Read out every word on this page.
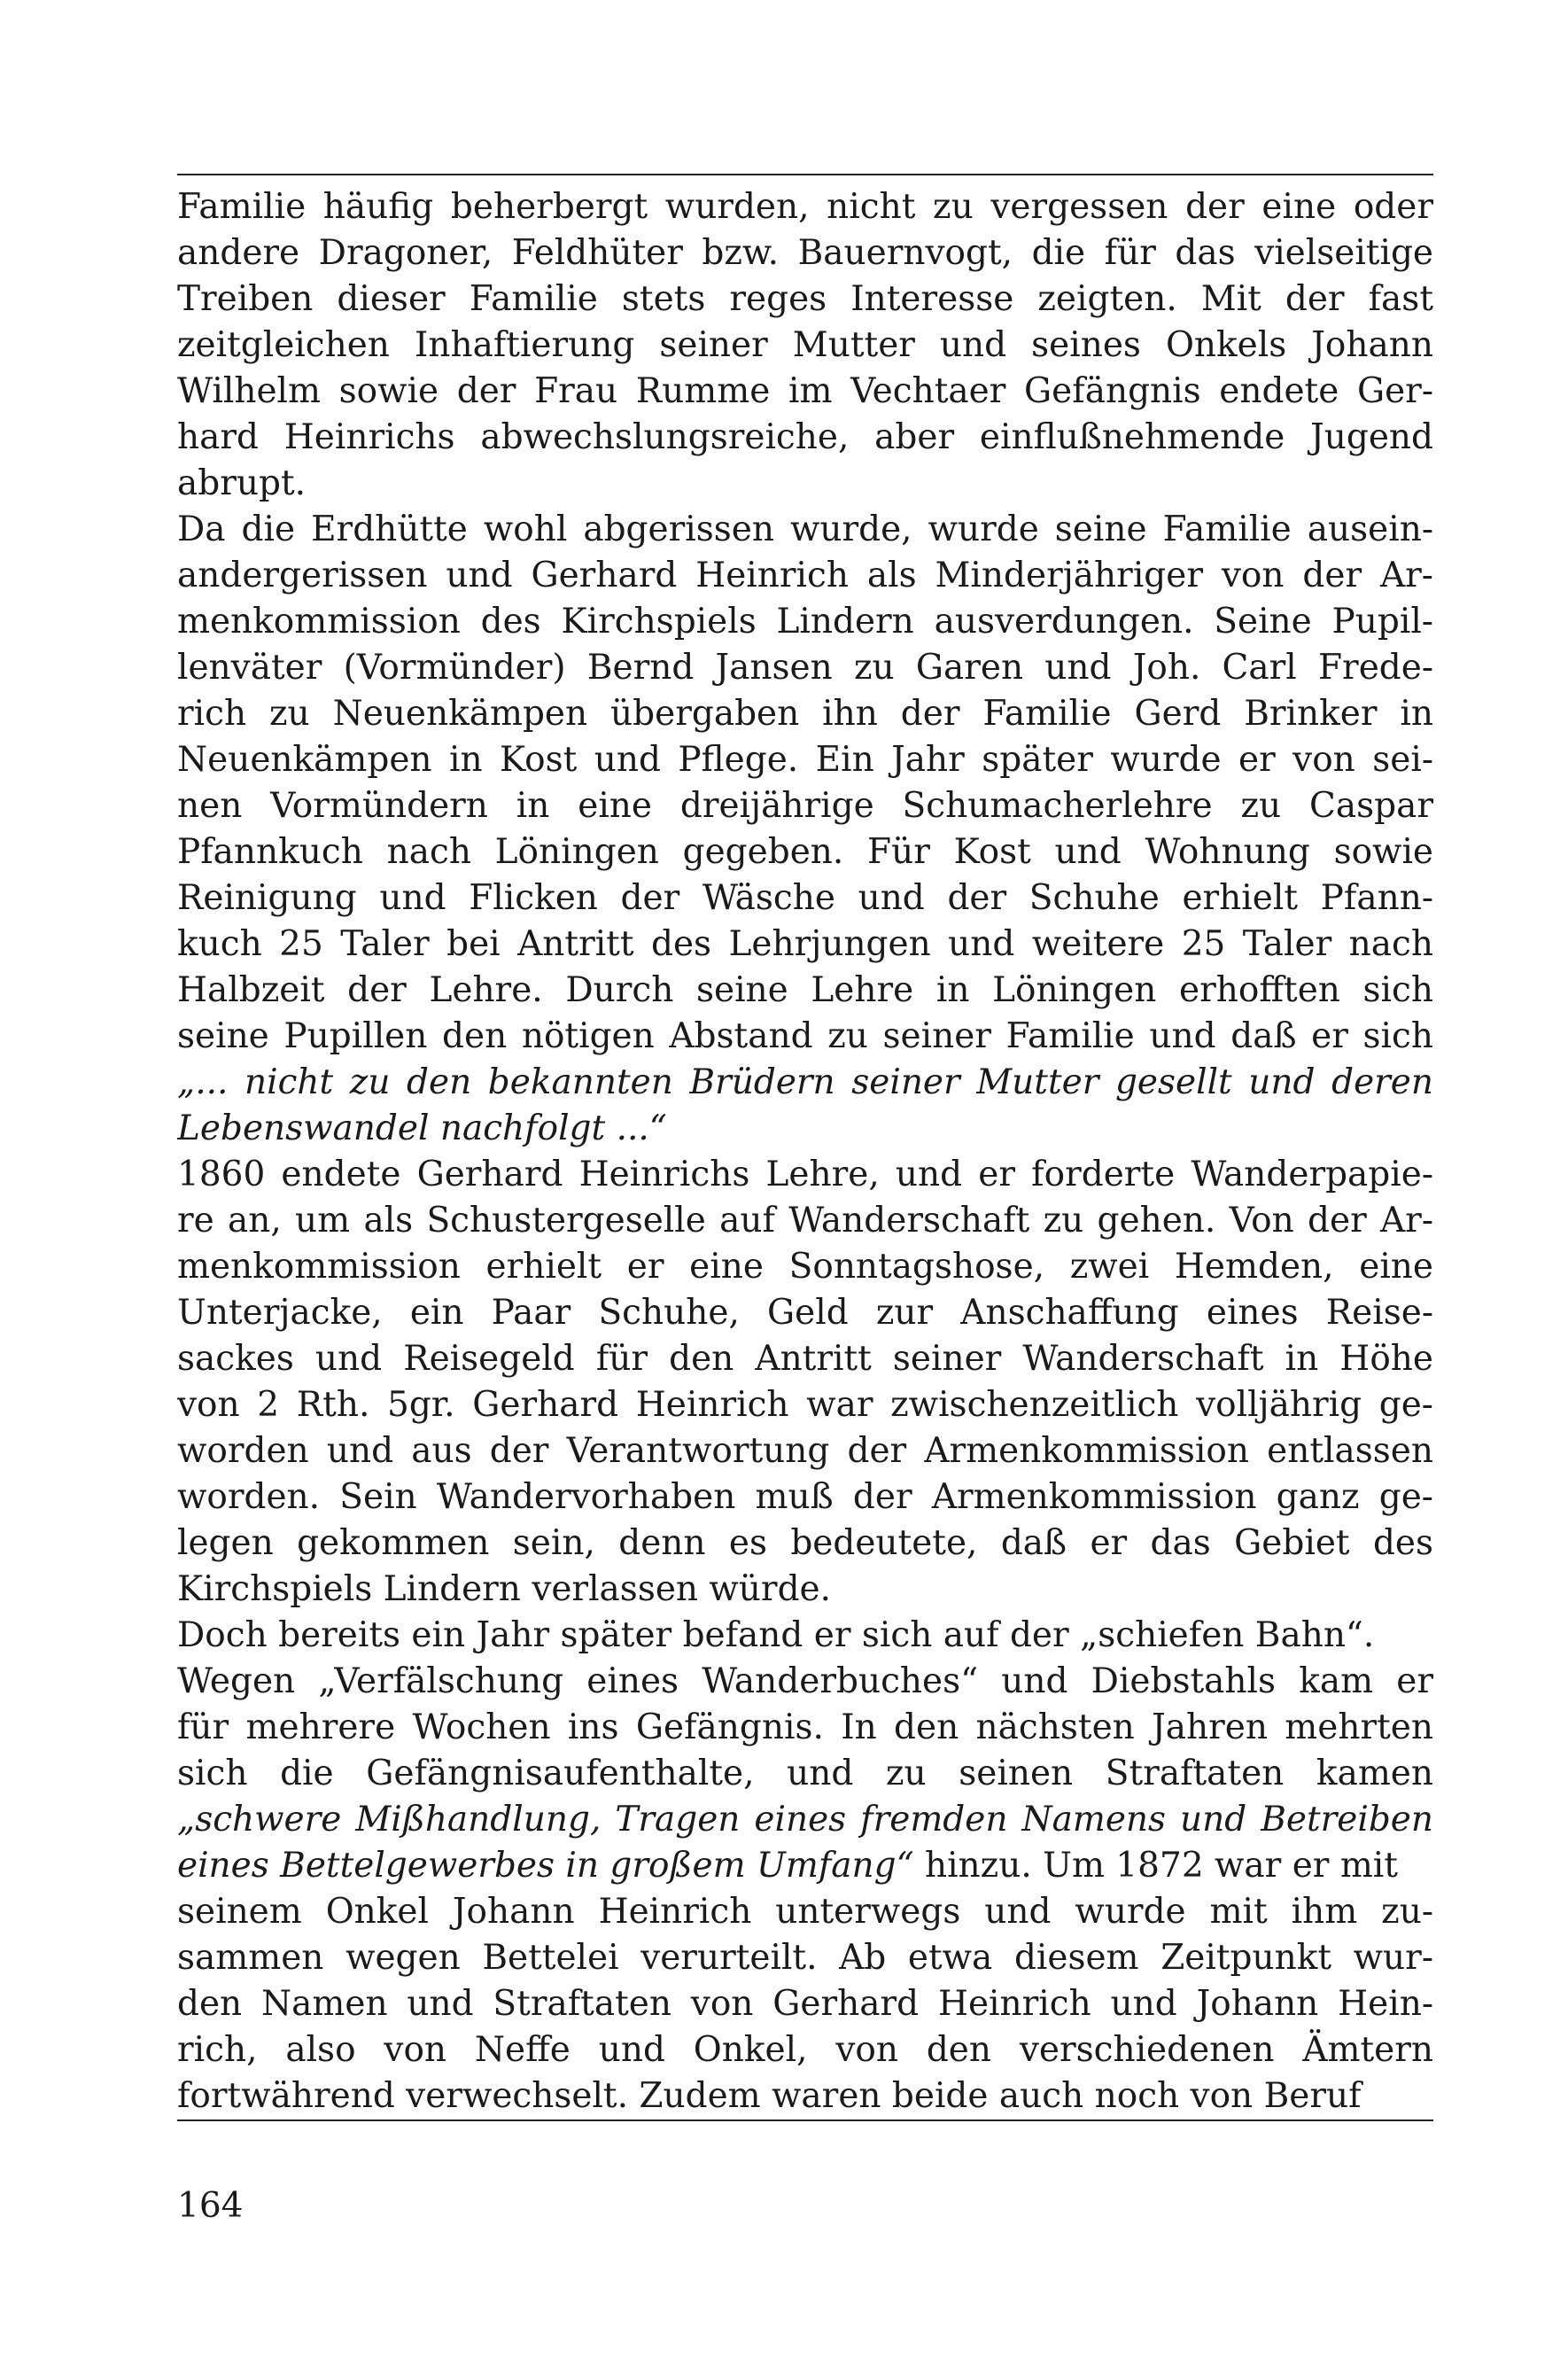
Familie häufig beherbergt wurden, nicht zu vergessen der eine oder
andere Dragoner, Feldhüter bzw. Bauernvogt, die für das vielseitige
Treiben dieser Familie stets reges Interesse zeigten. Mit der fast
zeitgleichen Inhaftierung seiner Mutter und seines Onkels Johann
Wilhelm sowie der Frau Rumme im Vechtaer Gefängnis endete Ger-
hard Heinrichs abwechslungsreiche, aber einflußnehmende Jugend
abrupt.
Da die Erdhütte wohl abgerissen wurde, wurde seine Familie ausein-
andergerissen und Gerhard Heinrich als Minderjähriger von der Ar-
menkommission des Kirchspiels Lindern ausverdungen. Seine Pupil-
lenväter (Vormünder) Bernd Jansen zu Garen und Joh. Carl Frede-
rich zu Neuenkämpen übergaben ihn der Familie Gerd Brinker in
Neuenkämpen in Kost und Pflege. Ein Jahr später wurde er von sei-
nen Vormündern in eine dreijährige Schumacherlehre zu Caspar
Pfannkuch nach Löningen gegeben. Für Kost und Wohnung sowie
Reinigung und Flicken der Wäsche und der Schuhe erhielt Pfann-
kuch 25 Taler bei Antritt des Lehrjungen und weitere 25 Taler nach
Halbzeit der Lehre. Durch seine Lehre in Löningen erhofften sich
seine Pupillen den nötigen Abstand zu seiner Familie und daß er sich
„... nicht zu den bekannten Brüdern seiner Mutter gesellt und deren
Lebenswandel nachfolgt ...“
1860 endete Gerhard Heinrichs Lehre, und er forderte Wanderpapie-
re an, um als Schustergeselle auf Wanderschaft zu gehen. Von der Ar-
menkommission erhielt er eine Sonntagshose, zwei Hemden, eine
Unterjacke, ein Paar Schuhe, Geld zur Anschaffung eines Reise-
sackes und Reisegeld für den Antritt seiner Wanderschaft in Höhe
von 2 Rth. 5gr. Gerhard Heinrich war zwischenzeitlich volljährig ge-
worden und aus der Verantwortung der Armenkommission entlassen
worden. Sein Wandervorhaben muß der Armenkommission ganz ge-
legen gekommen sein, denn es bedeutete, daß er das Gebiet des
Kirchspiels Lindern verlassen würde.
Doch bereits ein Jahr später befand er sich auf der „schiefen Bahn“.
Wegen „Verfälschung eines Wanderbuches“ und Diebstahls kam er
für mehrere Wochen ins Gefängnis. In den nächsten Jahren mehrten
sich die Gefängnisaufenthalte, und zu seinen Straftaten kamen
„schwere Mißhandlung, Tragen eines fremden Namens und Betreiben
eines Bettelgewerbes in großem Umfang“ hinzu. Um 1872 war er mit
seinem Onkel Johann Heinrich unterwegs und wurde mit ihm zu-
sammen wegen Bettelei verurteilt. Ab etwa diesem Zeitpunkt wur-
den Namen und Straftaten von Gerhard Heinrich und Johann Hein-
rich, also von Neffe und Onkel, von den verschiedenen Ämtern
fortwährend verwechselt. Zudem waren beide auch noch von Beruf
164
